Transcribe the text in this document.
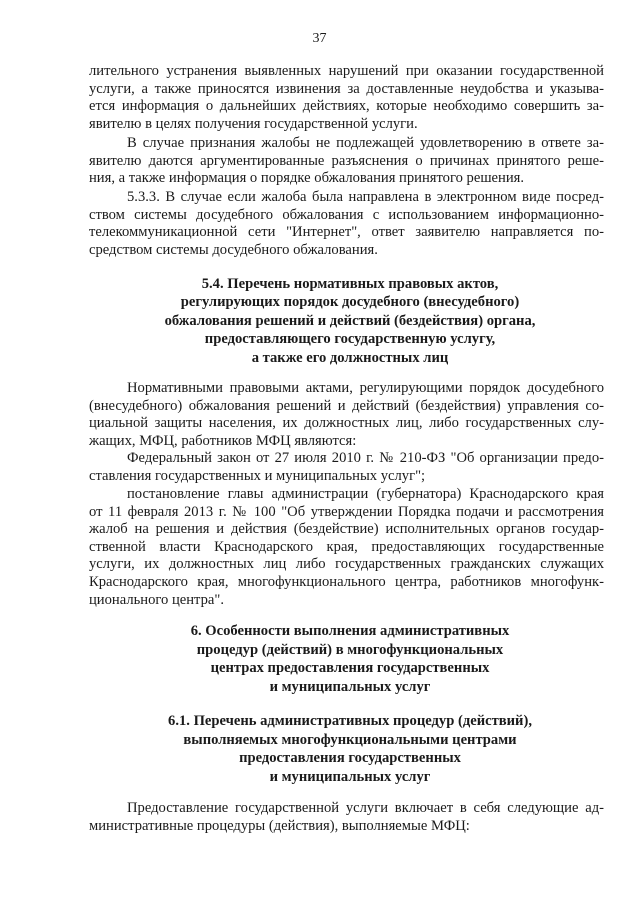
37
лительного устранения выявленных нарушений при оказании государственной
услуги, а также приносятся извинения за доставленные неудобства и указыва-
ется информация о дальнейших действиях, которые необходимо совершить за-
явителю в целях получения государственной услуги.
В случае признания жалобы не подлежащей удовлетворению в ответе за-
явителю даются аргументированные разъяснения о причинах принятого реше-
ния, а также информация о порядке обжалования принятого решения.
5.3.3. В случае если жалоба была направлена в электронном виде посред-
ством системы досудебного обжалования с использованием информационно-
телекоммуникационной сети "Интернет", ответ заявителю направляется по-
средством системы досудебного обжалования.
5.4. Перечень нормативных правовых актов,
регулирующих порядок досудебного (внесудебного)
обжалования решений и действий (бездействия) органа,
предоставляющего государственную услугу,
а также его должностных лиц
Нормативными правовыми актами, регулирующими порядок досудебного
(внесудебного) обжалования решений и действий (бездействия) управления со-
циальной защиты населения, их должностных лиц, либо государственных слу-
жащих, МФЦ, работников МФЦ являются:
Федеральный закон от 27 июля 2010 г. № 210-ФЗ "Об организации предо-
ставления государственных и муниципальных услуг";
постановление главы администрации (губернатора) Краснодарского края
от 11 февраля 2013 г. № 100 "Об утверждении Порядка подачи и рассмотрения
жалоб на решения и действия (бездействие) исполнительных органов государ-
ственной власти Краснодарского края, предоставляющих государственные
услуги, их должностных лиц либо государственных гражданских служащих
Краснодарского края, многофункционального центра, работников многофунк-
ционального центра".
6. Особенности выполнения административных
процедур (действий) в многофункциональных
центрах предоставления государственных
и муниципальных услуг
6.1. Перечень административных процедур (действий),
выполняемых многофункциональными центрами
предоставления государственных
и муниципальных услуг
Предоставление государственной услуги включает в себя следующие ад-
министративные процедуры (действия), выполняемые МФЦ:
